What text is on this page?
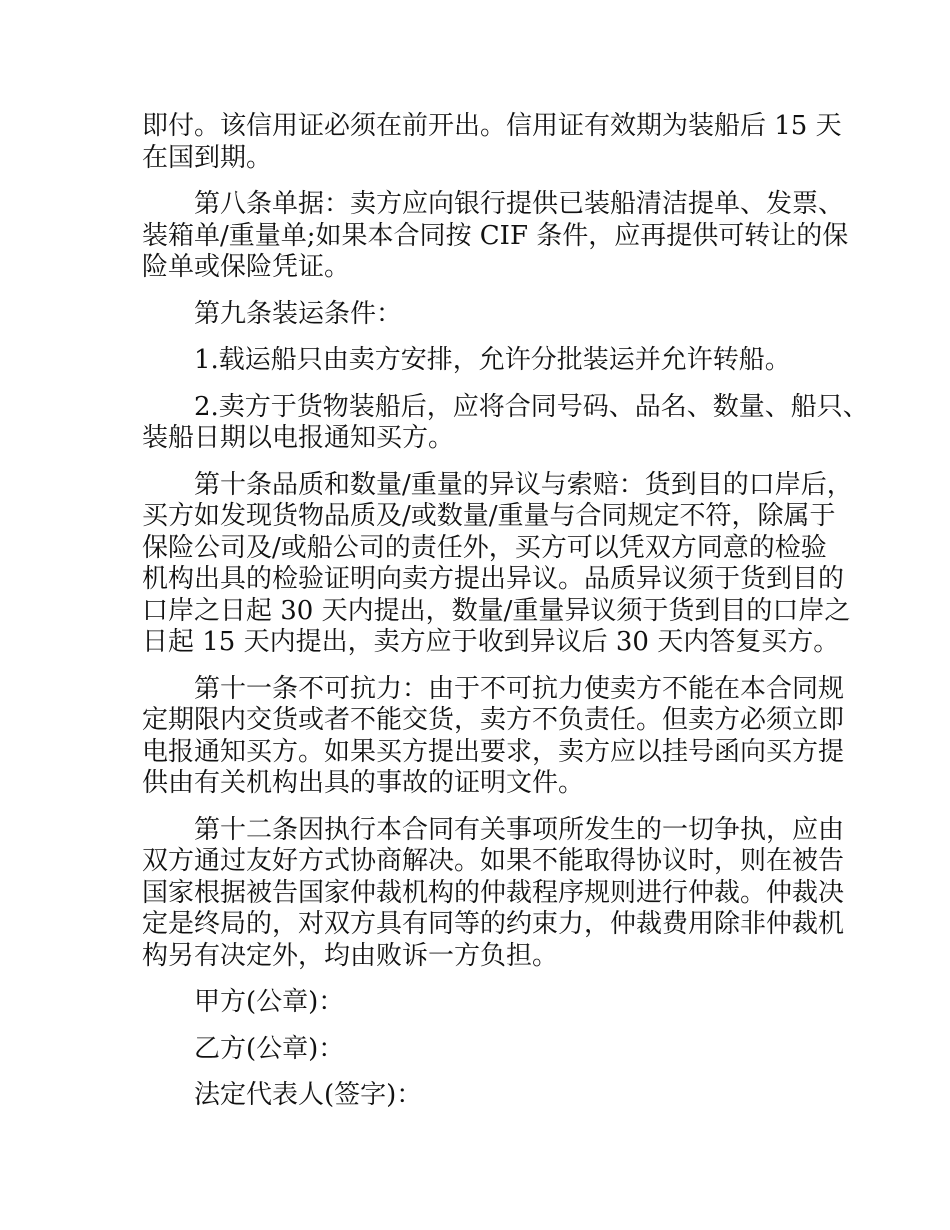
即付。该信用证必须在前开出。信用证有效期为装船后 15 天
在国到期。

第八条单据：卖方应向银行提供已装船清洁提单、发票、
装箱单/重量单;如果本合同按 CIF 条件，应再提供可转让的保
险单或保险凭证。

第九条装运条件：

1.载运船只由卖方安排，允许分批装运并允许转船。

2.卖方于货物装船后，应将合同号码、品名、数量、船只、
装船日期以电报通知买方。

第十条品质和数量/重量的异议与索赔：货到目的口岸后，
买方如发现货物品质及/或数量/重量与合同规定不符，除属于
保险公司及/或船公司的责任外，买方可以凭双方同意的检验
机构出具的检验证明向卖方提出异议。品质异议须于货到目的
口岸之日起 30 天内提出，数量/重量异议须于货到目的口岸之
日起 15 天内提出，卖方应于收到异议后 30 天内答复买方。

第十一条不可抗力：由于不可抗力使卖方不能在本合同规
定期限内交货或者不能交货，卖方不负责任。但卖方必须立即
电报通知买方。如果买方提出要求，卖方应以挂号函向买方提
供由有关机构出具的事故的证明文件。

第十二条因执行本合同有关事项所发生的一切争执，应由
双方通过友好方式协商解决。如果不能取得协议时，则在被告
国家根据被告国家仲裁机构的仲裁程序规则进行仲裁。仲裁决
定是终局的，对双方具有同等的约束力，仲裁费用除非仲裁机
构另有决定外，均由败诉一方负担。

甲方(公章)：

乙方(公章)：

法定代表人(签字)：
